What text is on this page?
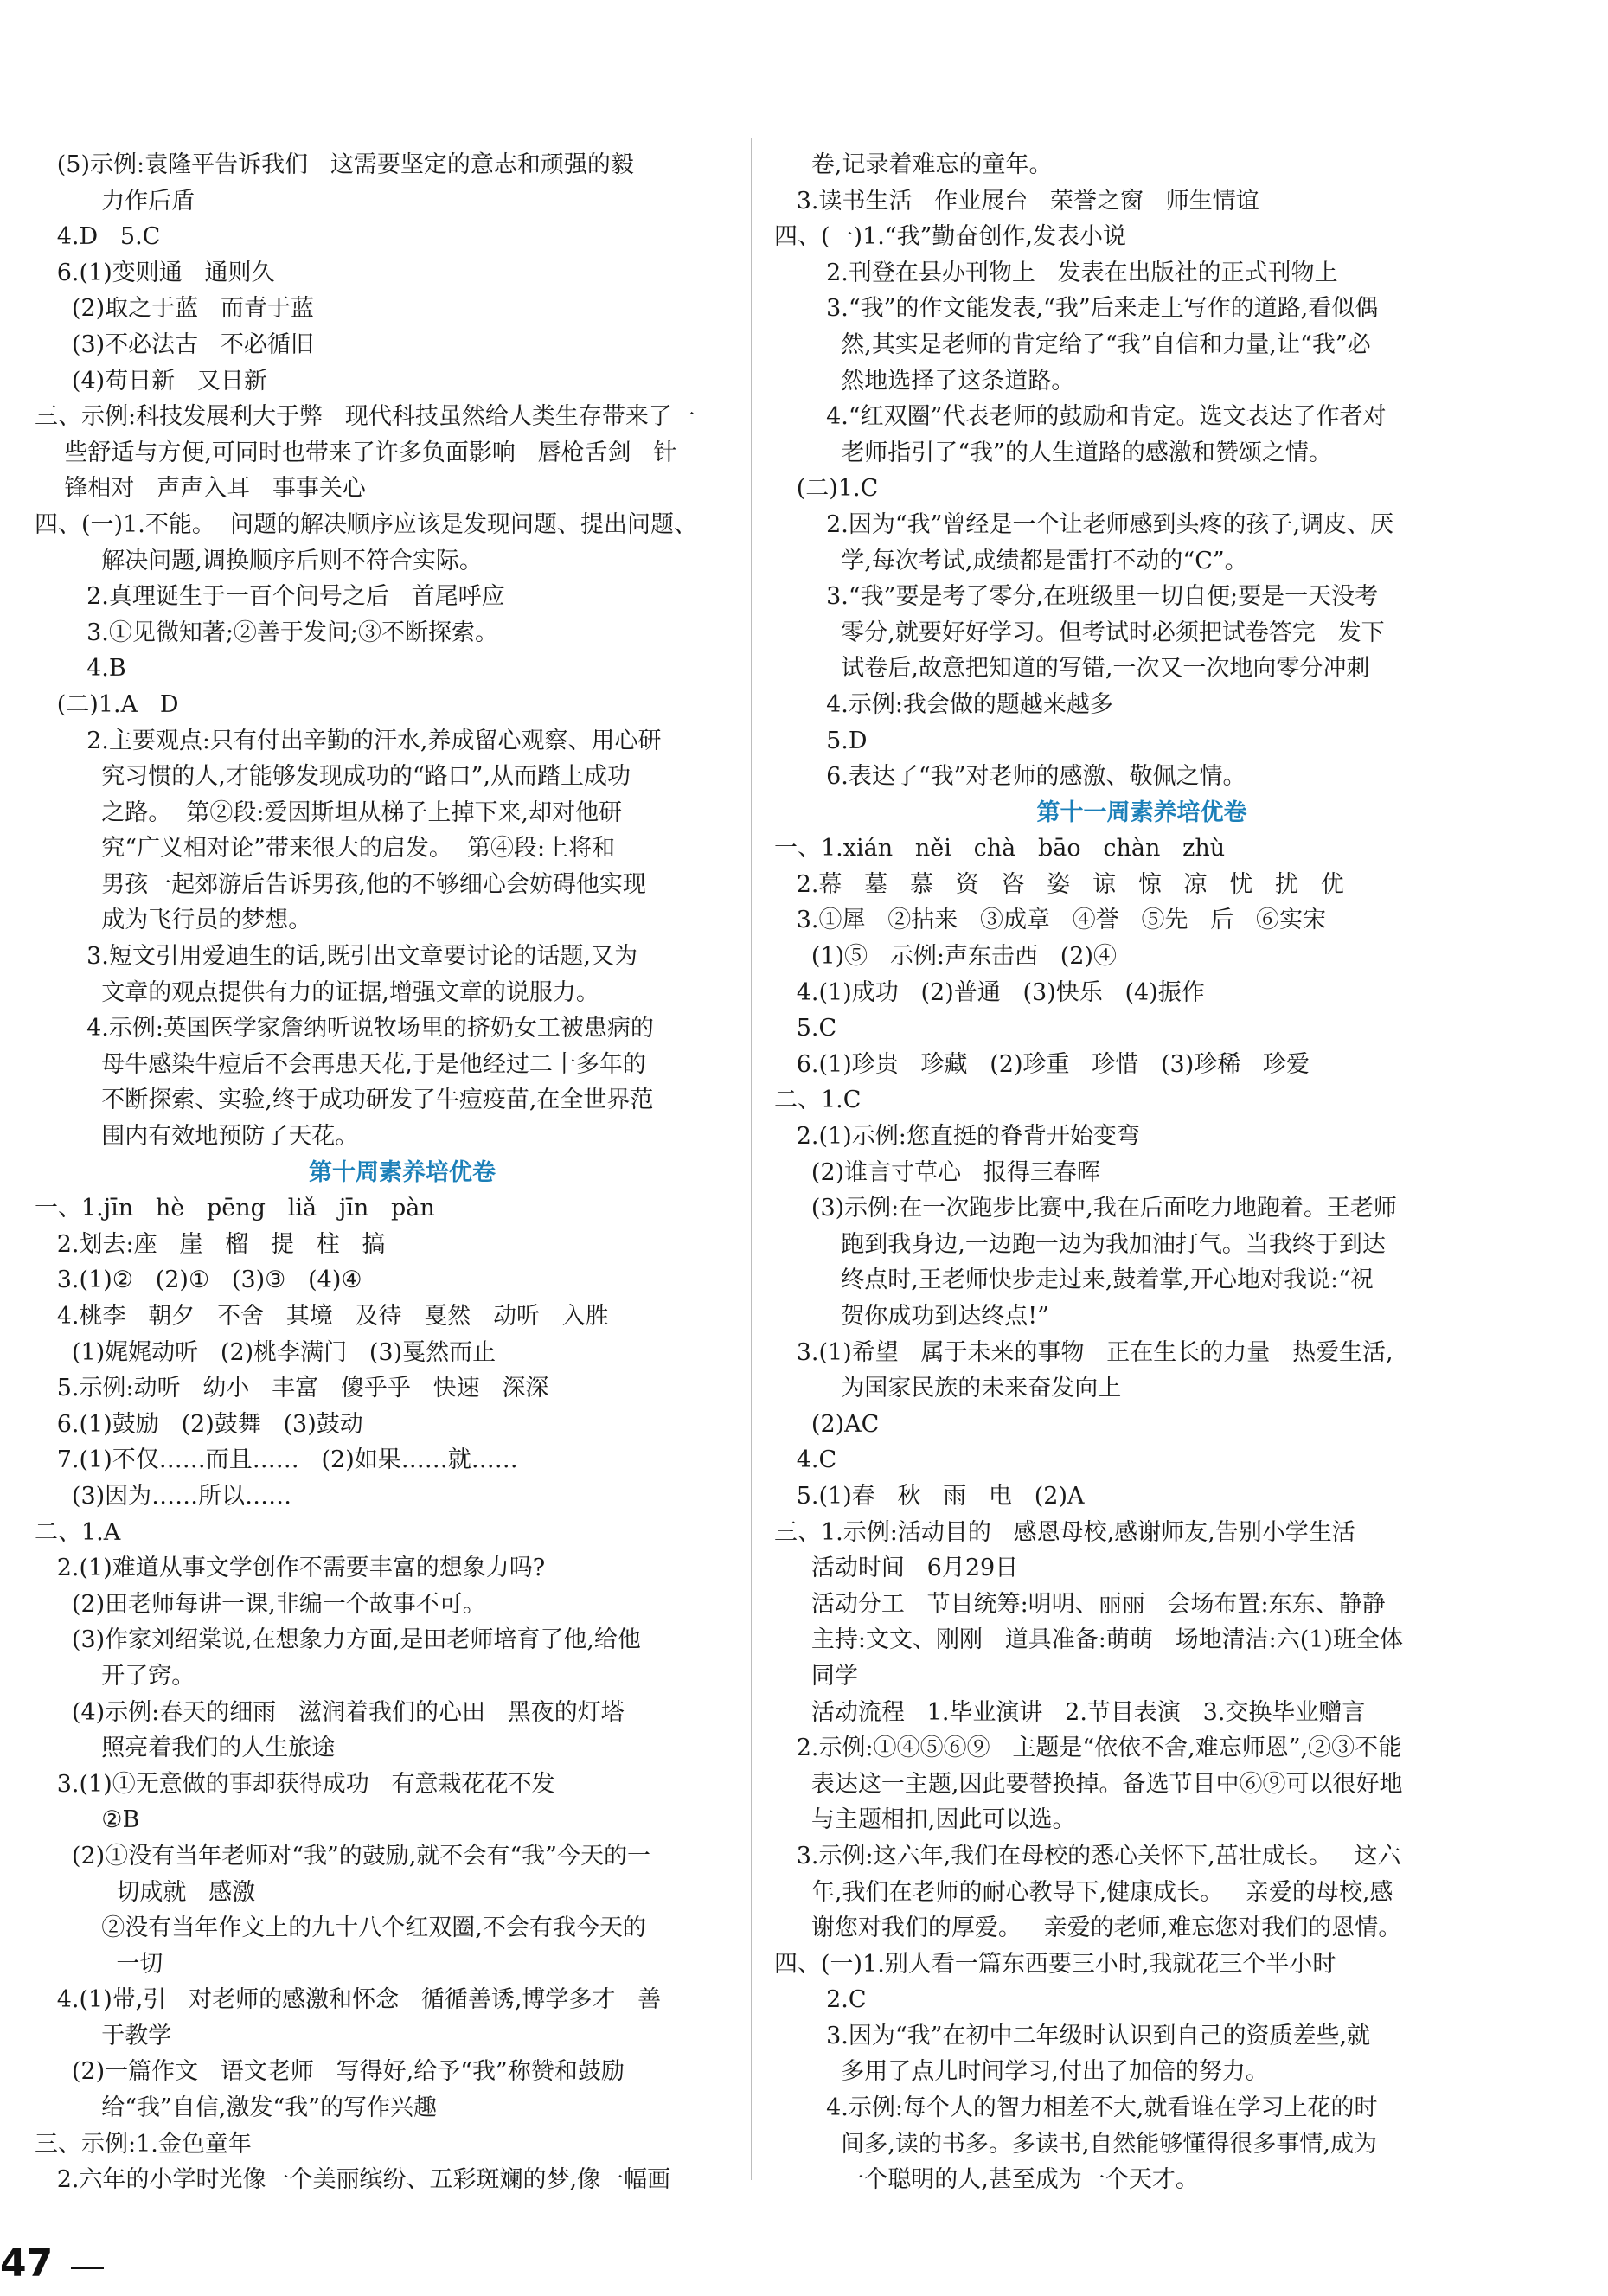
(5)示例:袁隆平告诉我们   这需要坚定的意志和顽强的毅
力作后盾
4.D   5.C
6.(1)变则通   通则久
(2)取之于蓝   而青于蓝
(3)不必法古   不必循旧
(4)苟日新   又日新
三、示例:科技发展利大于弊   现代科技虽然给人类生存带来了一
些舒适与方便,可同时也带来了许多负面影响   唇枪舌剑   针
锋相对   声声入耳   事事关心
四、(一)1.不能。  问题的解决顺序应该是发现问题、提出问题、
解决问题,调换顺序后则不符合实际。
2.真理诞生于一百个问号之后   首尾呼应
3.①见微知著;②善于发问;③不断探索。
4.B
(二)1.A   D
2.主要观点:只有付出辛勤的汗水,养成留心观察、用心研
究习惯的人,才能够发现成功的“路口”,从而踏上成功
之路。  第②段:爱因斯坦从梯子上掉下来,却对他研
究“广义相对论”带来很大的启发。  第④段:上将和
男孩一起郊游后告诉男孩,他的不够细心会妨碍他实现
成为飞行员的梦想。
3.短文引用爱迪生的话,既引出文章要讨论的话题,又为
文章的观点提供有力的证据,增强文章的说服力。
4.示例:英国医学家詹纳听说牧场里的挤奶女工被患病的
母牛感染牛痘后不会再患天花,于是他经过二十多年的
不断探索、实验,终于成功研发了牛痘疫苗,在全世界范
围内有效地预防了天花。
第十周素养培优卷
一、1.jīn   hè   pēng   liǎ   jīn   pàn
2.划去:座   崖   榴   提   柱   搞
3.(1)②   (2)①   (3)③   (4)④
4.桃李   朝夕   不舍   其境   及待   戛然   动听   入胜
(1)娓娓动听   (2)桃李满门   (3)戛然而止
5.示例:动听   幼小   丰富   傻乎乎   快速   深深
6.(1)鼓励   (2)鼓舞   (3)鼓动
7.(1)不仅……而且……   (2)如果……就……
(3)因为……所以……
二、1.A
2.(1)难道从事文学创作不需要丰富的想象力吗?
(2)田老师每讲一课,非编一个故事不可。
(3)作家刘绍棠说,在想象力方面,是田老师培育了他,给他
开了窍。
(4)示例:春天的细雨   滋润着我们的心田   黑夜的灯塔
照亮着我们的人生旅途
3.(1)①无意做的事却获得成功   有意栽花花不发
②B
(2)①没有当年老师对“我”的鼓励,就不会有“我”今天的一
切成就   感激
②没有当年作文上的九十八个红双圈,不会有我今天的
一切
4.(1)带,引   对老师的感激和怀念   循循善诱,博学多才   善
于教学
(2)一篇作文   语文老师   写得好,给予“我”称赞和鼓励
给“我”自信,激发“我”的写作兴趣
三、示例:1.金色童年
2.六年的小学时光像一个美丽缤纷、五彩斑斓的梦,像一幅画
卷,记录着难忘的童年。
3.读书生活   作业展台   荣誉之窗   师生情谊
四、(一)1.“我”勤奋创作,发表小说
2.刊登在县办刊物上   发表在出版社的正式刊物上
3.“我”的作文能发表,“我”后来走上写作的道路,看似偶
然,其实是老师的肯定给了“我”自信和力量,让“我”必
然地选择了这条道路。
4.“红双圈”代表老师的鼓励和肯定。选文表达了作者对
老师指引了“我”的人生道路的感激和赞颂之情。
(二)1.C
2.因为“我”曾经是一个让老师感到头疼的孩子,调皮、厌
学,每次考试,成绩都是雷打不动的“C”。
3.“我”要是考了零分,在班级里一切自便;要是一天没考
零分,就要好好学习。但考试时必须把试卷答完   发下
试卷后,故意把知道的写错,一次又一次地向零分冲刺
4.示例:我会做的题越来越多
5.D
6.表达了“我”对老师的感激、敬佩之情。
第十一周素养培优卷
一、1.xián   něi   chà   bāo   chàn   zhù
2.幕   墓   慕   资   咨   姿   谅   惊   凉   忧   扰   优
3.①犀   ②拈来   ③成章   ④誉   ⑤先   后   ⑥实宋
(1)⑤   示例:声东击西   (2)④
4.(1)成功   (2)普通   (3)快乐   (4)振作
5.C
6.(1)珍贵   珍藏   (2)珍重   珍惜   (3)珍稀   珍爱
二、1.C
2.(1)示例:您直挺的脊背开始变弯
(2)谁言寸草心   报得三春晖
(3)示例:在一次跑步比赛中,我在后面吃力地跑着。王老师
跑到我身边,一边跑一边为我加油打气。当我终于到达
终点时,王老师快步走过来,鼓着掌,开心地对我说:“祝
贺你成功到达终点!”
3.(1)希望   属于未来的事物   正在生长的力量   热爱生活,
为国家民族的未来奋发向上
(2)AC
4.C
5.(1)春   秋   雨   电   (2)A
三、1.示例:活动目的   感恩母校,感谢师友,告别小学生活
活动时间   6月29日
活动分工   节目统筹:明明、丽丽   会场布置:东东、静静
主持:文文、刚刚   道具准备:萌萌   场地清洁:六(1)班全体
同学
活动流程   1.毕业演讲   2.节目表演   3.交换毕业赠言
2.示例:①④⑤⑥⑨   主题是“依依不舍,难忘师恩”,②③不能
表达这一主题,因此要替换掉。备选节目中⑥⑨可以很好地
与主题相扣,因此可以选。
3.示例:这六年,我们在母校的悉心关怀下,茁壮成长。   这六
年,我们在老师的耐心教导下,健康成长。   亲爱的母校,感
谢您对我们的厚爱。   亲爱的老师,难忘您对我们的恩情。
四、(一)1.别人看一篇东西要三小时,我就花三个半小时
2.C
3.因为“我”在初中二年级时认识到自己的资质差些,就
多用了点儿时间学习,付出了加倍的努力。
4.示例:每个人的智力相差不大,就看谁在学习上花的时
间多,读的书多。多读书,自然能够懂得很多事情,成为
一个聪明的人,甚至成为一个天才。
47
